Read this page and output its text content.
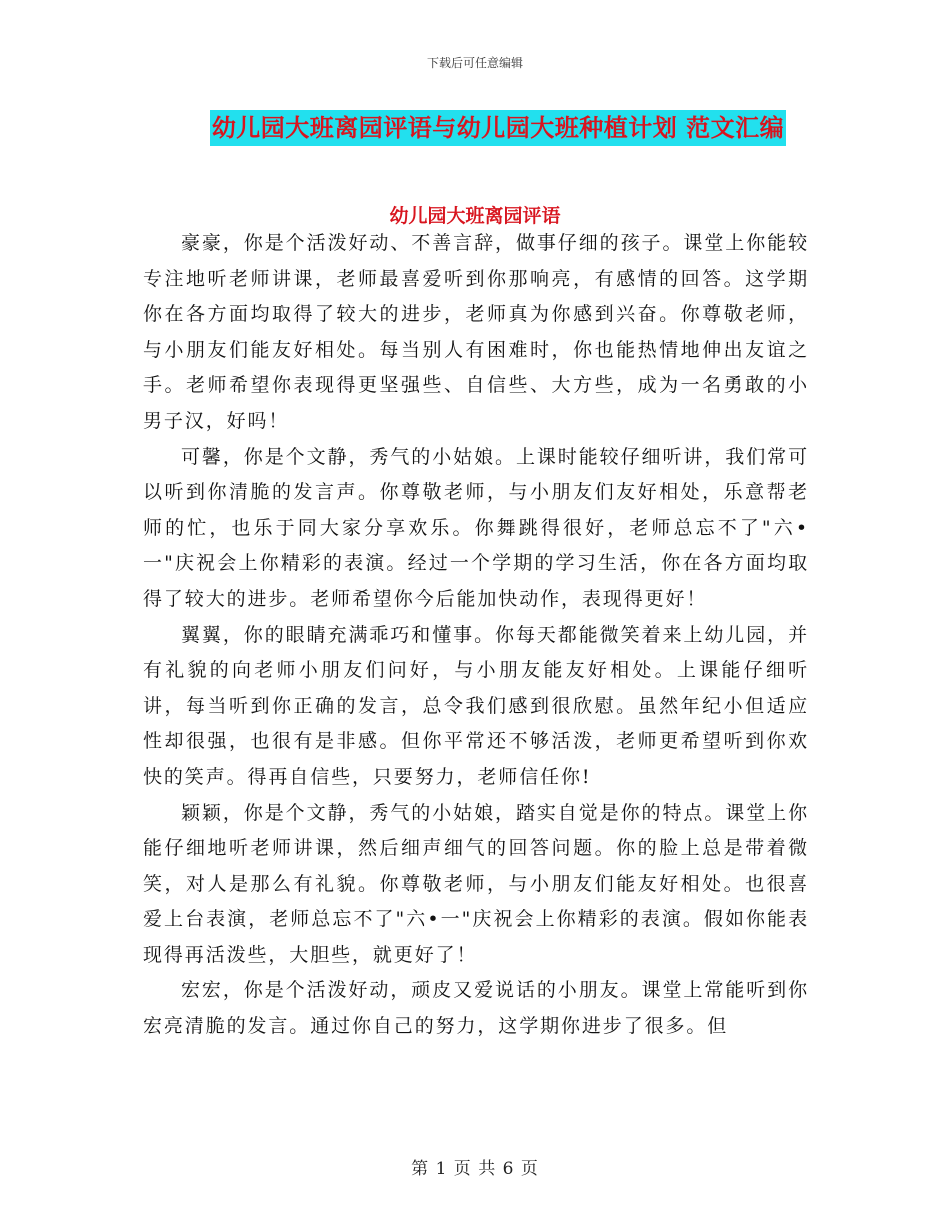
下载后可任意编辑
幼儿园大班离园评语与幼儿园大班种植计划 范文汇编
幼儿园大班离园评语

豪豪，你是个活泼好动、不善言辞，做事仔细的孩子。课堂上你能较专注地听老师讲课，老师最喜爱听到你那响亮，有感情的回答。这学期你在各方面均取得了较大的进步，老师真为你感到兴奋。你尊敬老师，与小朋友们能友好相处。每当别人有困难时，你也能热情地伸出友谊之手。老师希望你表现得更坚强些、自信些、大方些，成为一名勇敢的小男子汉，好吗！

可馨，你是个文静，秀气的小姑娘。上课时能较仔细听讲，我们常可以听到你清脆的发言声。你尊敬老师，与小朋友们友好相处，乐意帮老师的忙，也乐于同大家分享欢乐。你舞跳得很好，老师总忘不了"六•一"庆祝会上你精彩的表演。经过一个学期的学习生活，你在各方面均取得了较大的进步。老师希望你今后能加快动作，表现得更好！

翼翼，你的眼睛充满乖巧和懂事。你每天都能微笑着来上幼儿园，并有礼貌的向老师小朋友们问好，与小朋友能友好相处。上课能仔细听讲，每当听到你正确的发言，总令我们感到很欣慰。虽然年纪小但适应性却很强，也很有是非感。但你平常还不够活泼，老师更希望听到你欢快的笑声。得再自信些，只要努力，老师信任你!

颖颖，你是个文静，秀气的小姑娘，踏实自觉是你的特点。课堂上你能仔细地听老师讲课，然后细声细气的回答问题。你的脸上总是带着微笑，对人是那么有礼貌。你尊敬老师，与小朋友们能友好相处。也很喜爱上台表演，老师总忘不了"六•一"庆祝会上你精彩的表演。假如你能表现得再活泼些，大胆些，就更好了！

宏宏，你是个活泼好动，顽皮又爱说话的小朋友。课堂上常能听到你宏亮清脆的发言。通过你自己的努力，这学期你进步了很多。但

第 1 页 共 6 页
